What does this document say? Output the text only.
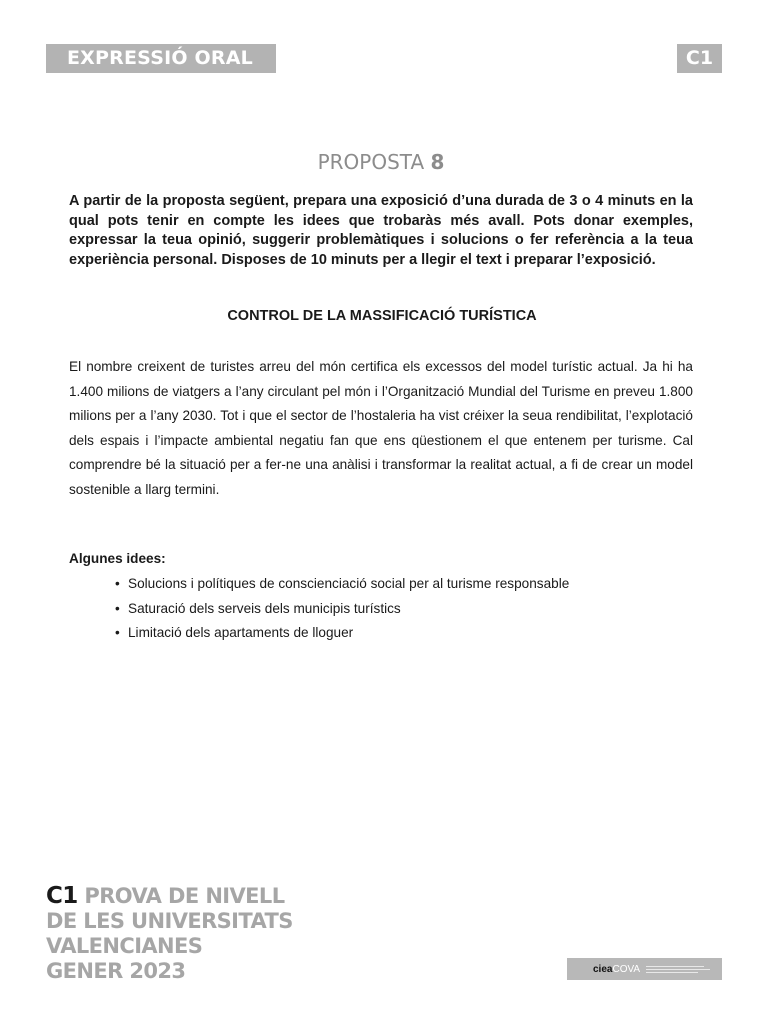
EXPRESSIÓ ORAL	C1
PROPOSTA 8
A partir de la proposta següent, prepara una exposició d’una durada de 3 o 4 minuts en la qual pots tenir en compte les idees que trobaràs més avall. Pots donar exemples, expressar la teua opinió, suggerir problemàtiques i solucions o fer referència a la teua experiència personal. Disposes de 10 minuts per a llegir el text i preparar l’exposició.
CONTROL DE LA MASSIFICACIÓ TURÍSTICA
El nombre creixent de turistes arreu del món certifica els excessos del model turístic actual. Ja hi ha 1.400 milions de viatgers a l’any circulant pel món i l’Organització Mundial del Turisme en preveu 1.800 milions per a l’any 2030. Tot i que el sector de l’hostaleria ha vist créixer la seua rendibilitat, l’explotació dels espais i l’impacte ambiental negatiu fan que ens qüestionem el que entenem per turisme. Cal comprendre bé la situació per a fer-ne una anàlisi i transformar la realitat actual, a fi de crear un model sostenible a llarg termini.
Algunes idees:
• Solucions i polítiques de conscienciació social per al turisme responsable
• Saturació dels serveis dels municipis turístics
• Limitació dels apartaments de lloguer
C1 PROVA DE NIVELL
DE LES UNIVERSITATS
VALENCIANES
GENER 2023	cieaCOVA
